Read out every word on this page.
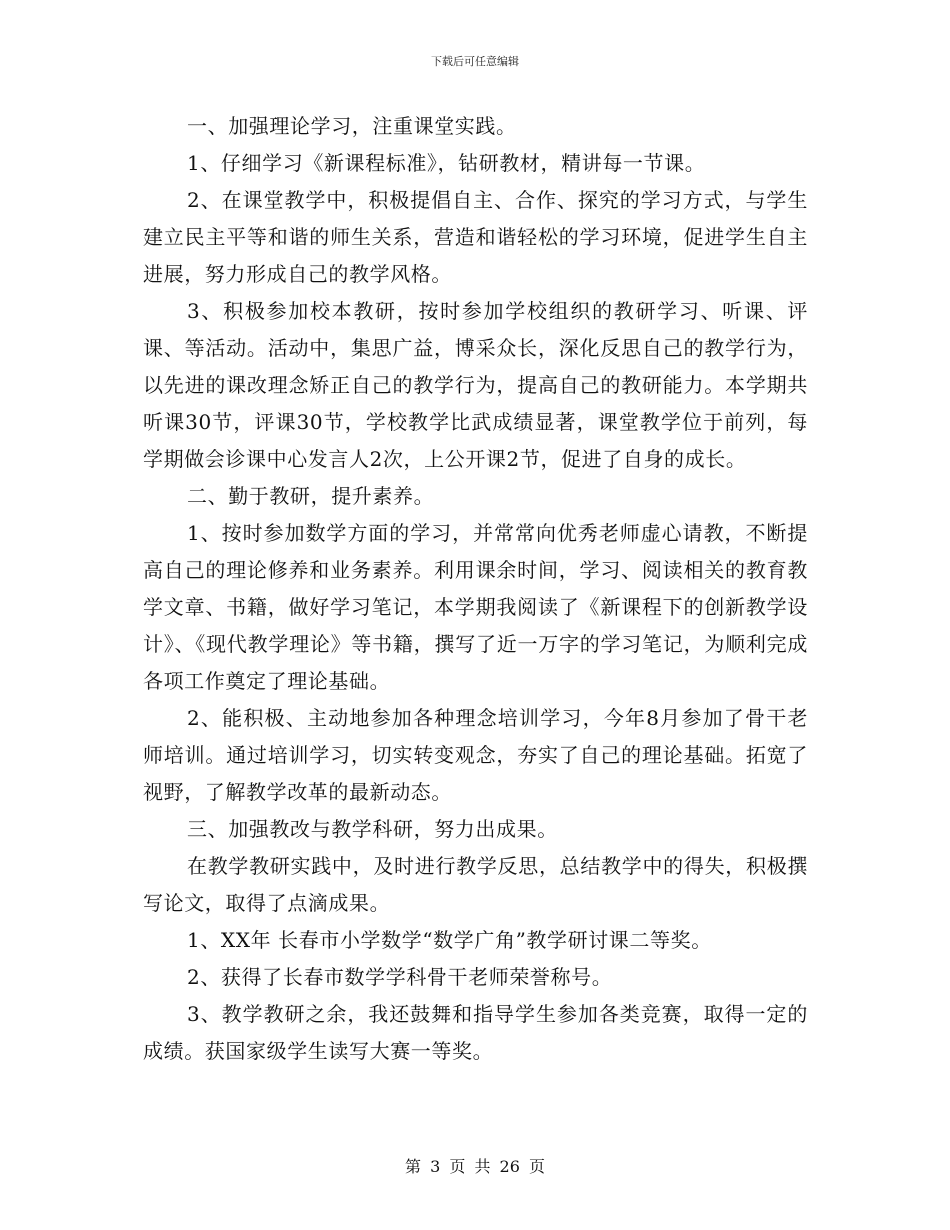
下载后可任意编辑

一、加强理论学习，注重课堂实践。

1、仔细学习《新课程标准》，钻研教材，精讲每一节课。

2、在课堂教学中，积极提倡自主、合作、探究的学习方式，与学生建立民主平等和谐的师生关系，营造和谐轻松的学习环境，促进学生自主进展，努力形成自己的教学风格。

3、积极参加校本教研，按时参加学校组织的教研学习、听课、评课、等活动。活动中，集思广益，博采众长，深化反思自己的教学行为，以先进的课改理念矫正自己的教学行为，提高自己的教研能力。本学期共听课30节，评课30节，学校教学比武成绩显著，课堂教学位于前列，每学期做会诊课中心发言人2次，上公开课2节，促进了自身的成长。

二、勤于教研，提升素养。

1、按时参加数学方面的学习，并常常向优秀老师虚心请教，不断提高自己的理论修养和业务素养。利用课余时间，学习、阅读相关的教育教学文章、书籍，做好学习笔记，本学期我阅读了《新课程下的创新教学设计》、《现代教学理论》等书籍，撰写了近一万字的学习笔记，为顺利完成各项工作奠定了理论基础。

2、能积极、主动地参加各种理念培训学习，今年8月参加了骨干老师培训。通过培训学习，切实转变观念，夯实了自己的理论基础。拓宽了视野，了解教学改革的最新动态。

三、加强教改与教学科研，努力出成果。

在教学教研实践中，及时进行教学反思，总结教学中的得失，积极撰写论文，取得了点滴成果。

1、XX年 长春市小学数学“数学广角”教学研讨课二等奖。

2、获得了长春市数学学科骨干老师荣誉称号。

3、教学教研之余，我还鼓舞和指导学生参加各类竞赛，取得一定的成绩。获国家级学生读写大赛一等奖。

第 3 页 共 26 页
